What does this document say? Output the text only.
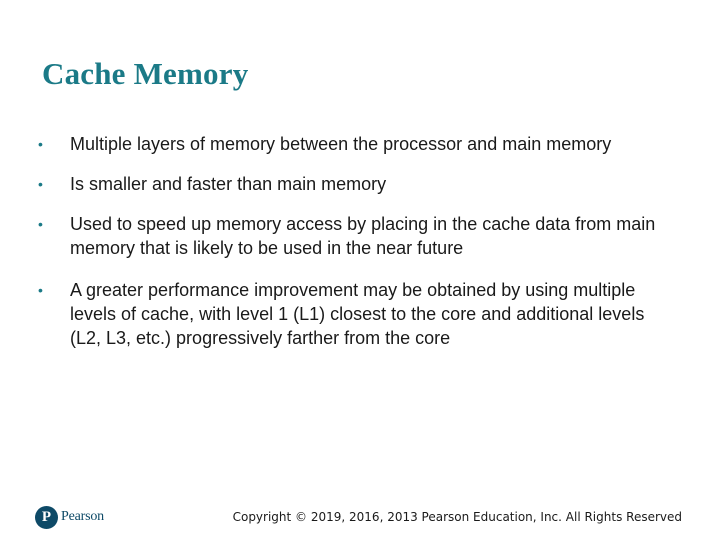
Cache Memory
•	Multiple layers of memory between the processor and main memory
•	Is smaller and faster than main memory
•	Used to speed up memory access by placing in the cache data from main memory that is likely to be used in the near future
•	A greater performance improvement may be obtained by using multiple levels of cache, with level 1 (L1) closest to the core and additional levels (L2, L3, etc.) progressively farther from the core
P Pearson	Copyright © 2019, 2016, 2013 Pearson Education, Inc. All Rights Reserved
